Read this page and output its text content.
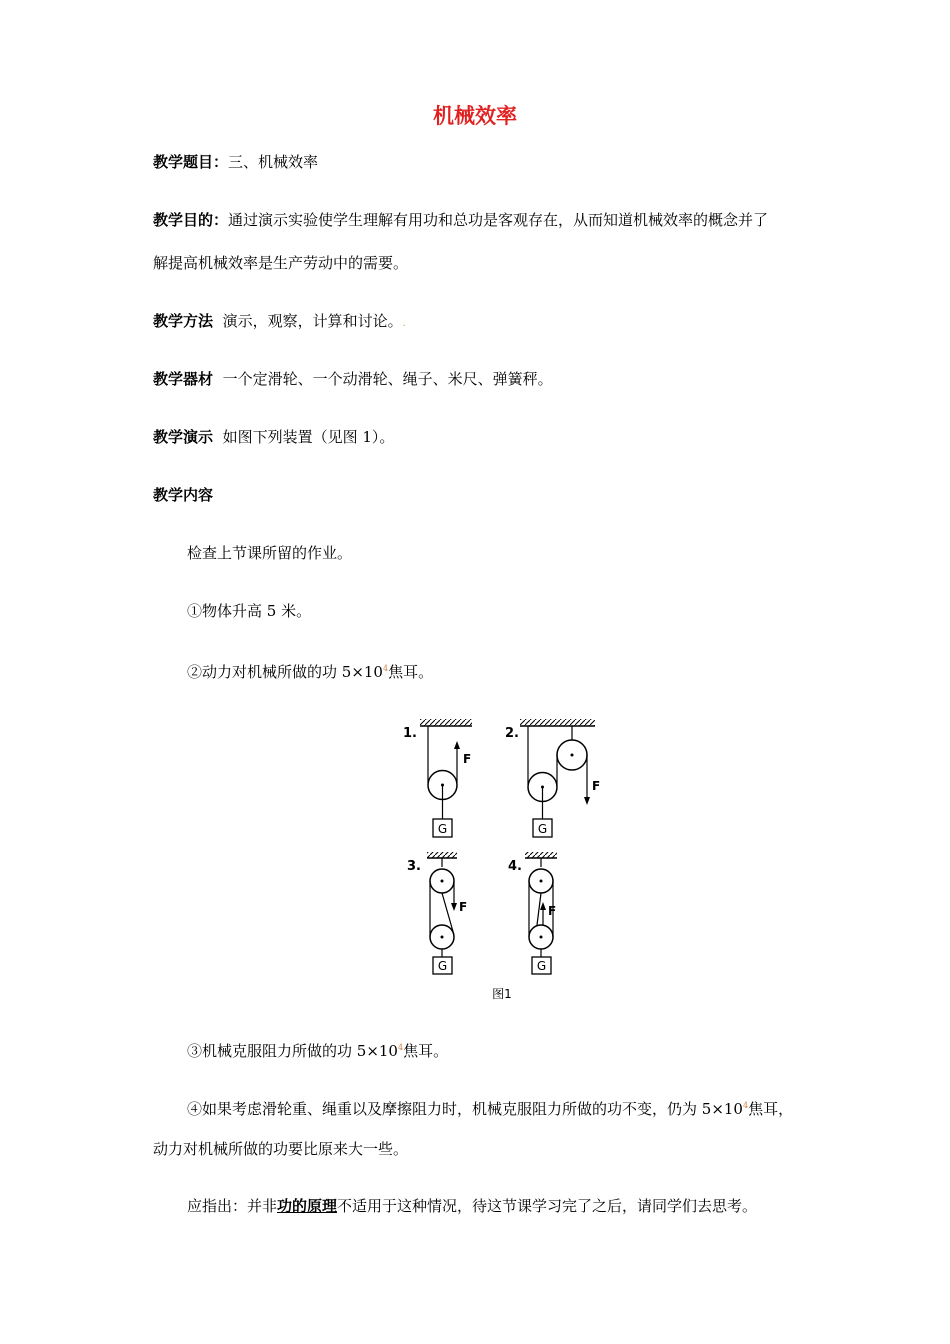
机械效率
教学题目：三、机械效率
教学目的：通过演示实验使学生理解有用功和总功是客观存在，从而知道机械效率的概念并了
解提高机械效率是生产劳动中的需要。
教学方法 演示，观察，计算和讨论。.
教学器材 一个定滑轮、一个动滑轮、绳子、米尺、弹簧秤。
教学演示 如图下列装置（见图 1）。
教学内容
检查上节课所留的作业。
①物体升高 5 米。
②动力对机械所做的功 $5\times 10^4$焦耳。
1.
F
G
2.
F
G
3.
F
G
4.
F
G
图1
③机械克服阻力所做的功 $5\times 10^4$焦耳。
④如果考虑滑轮重、绳重以及摩擦阻力时，机械克服阻力所做的功不变，仍为 $5\times 10^4$焦耳，
动力对机械所做的功要比原来大一些。
应指出：并非功的原理不适用于这种情况，待这节课学习完了之后，请同学们去思考。
